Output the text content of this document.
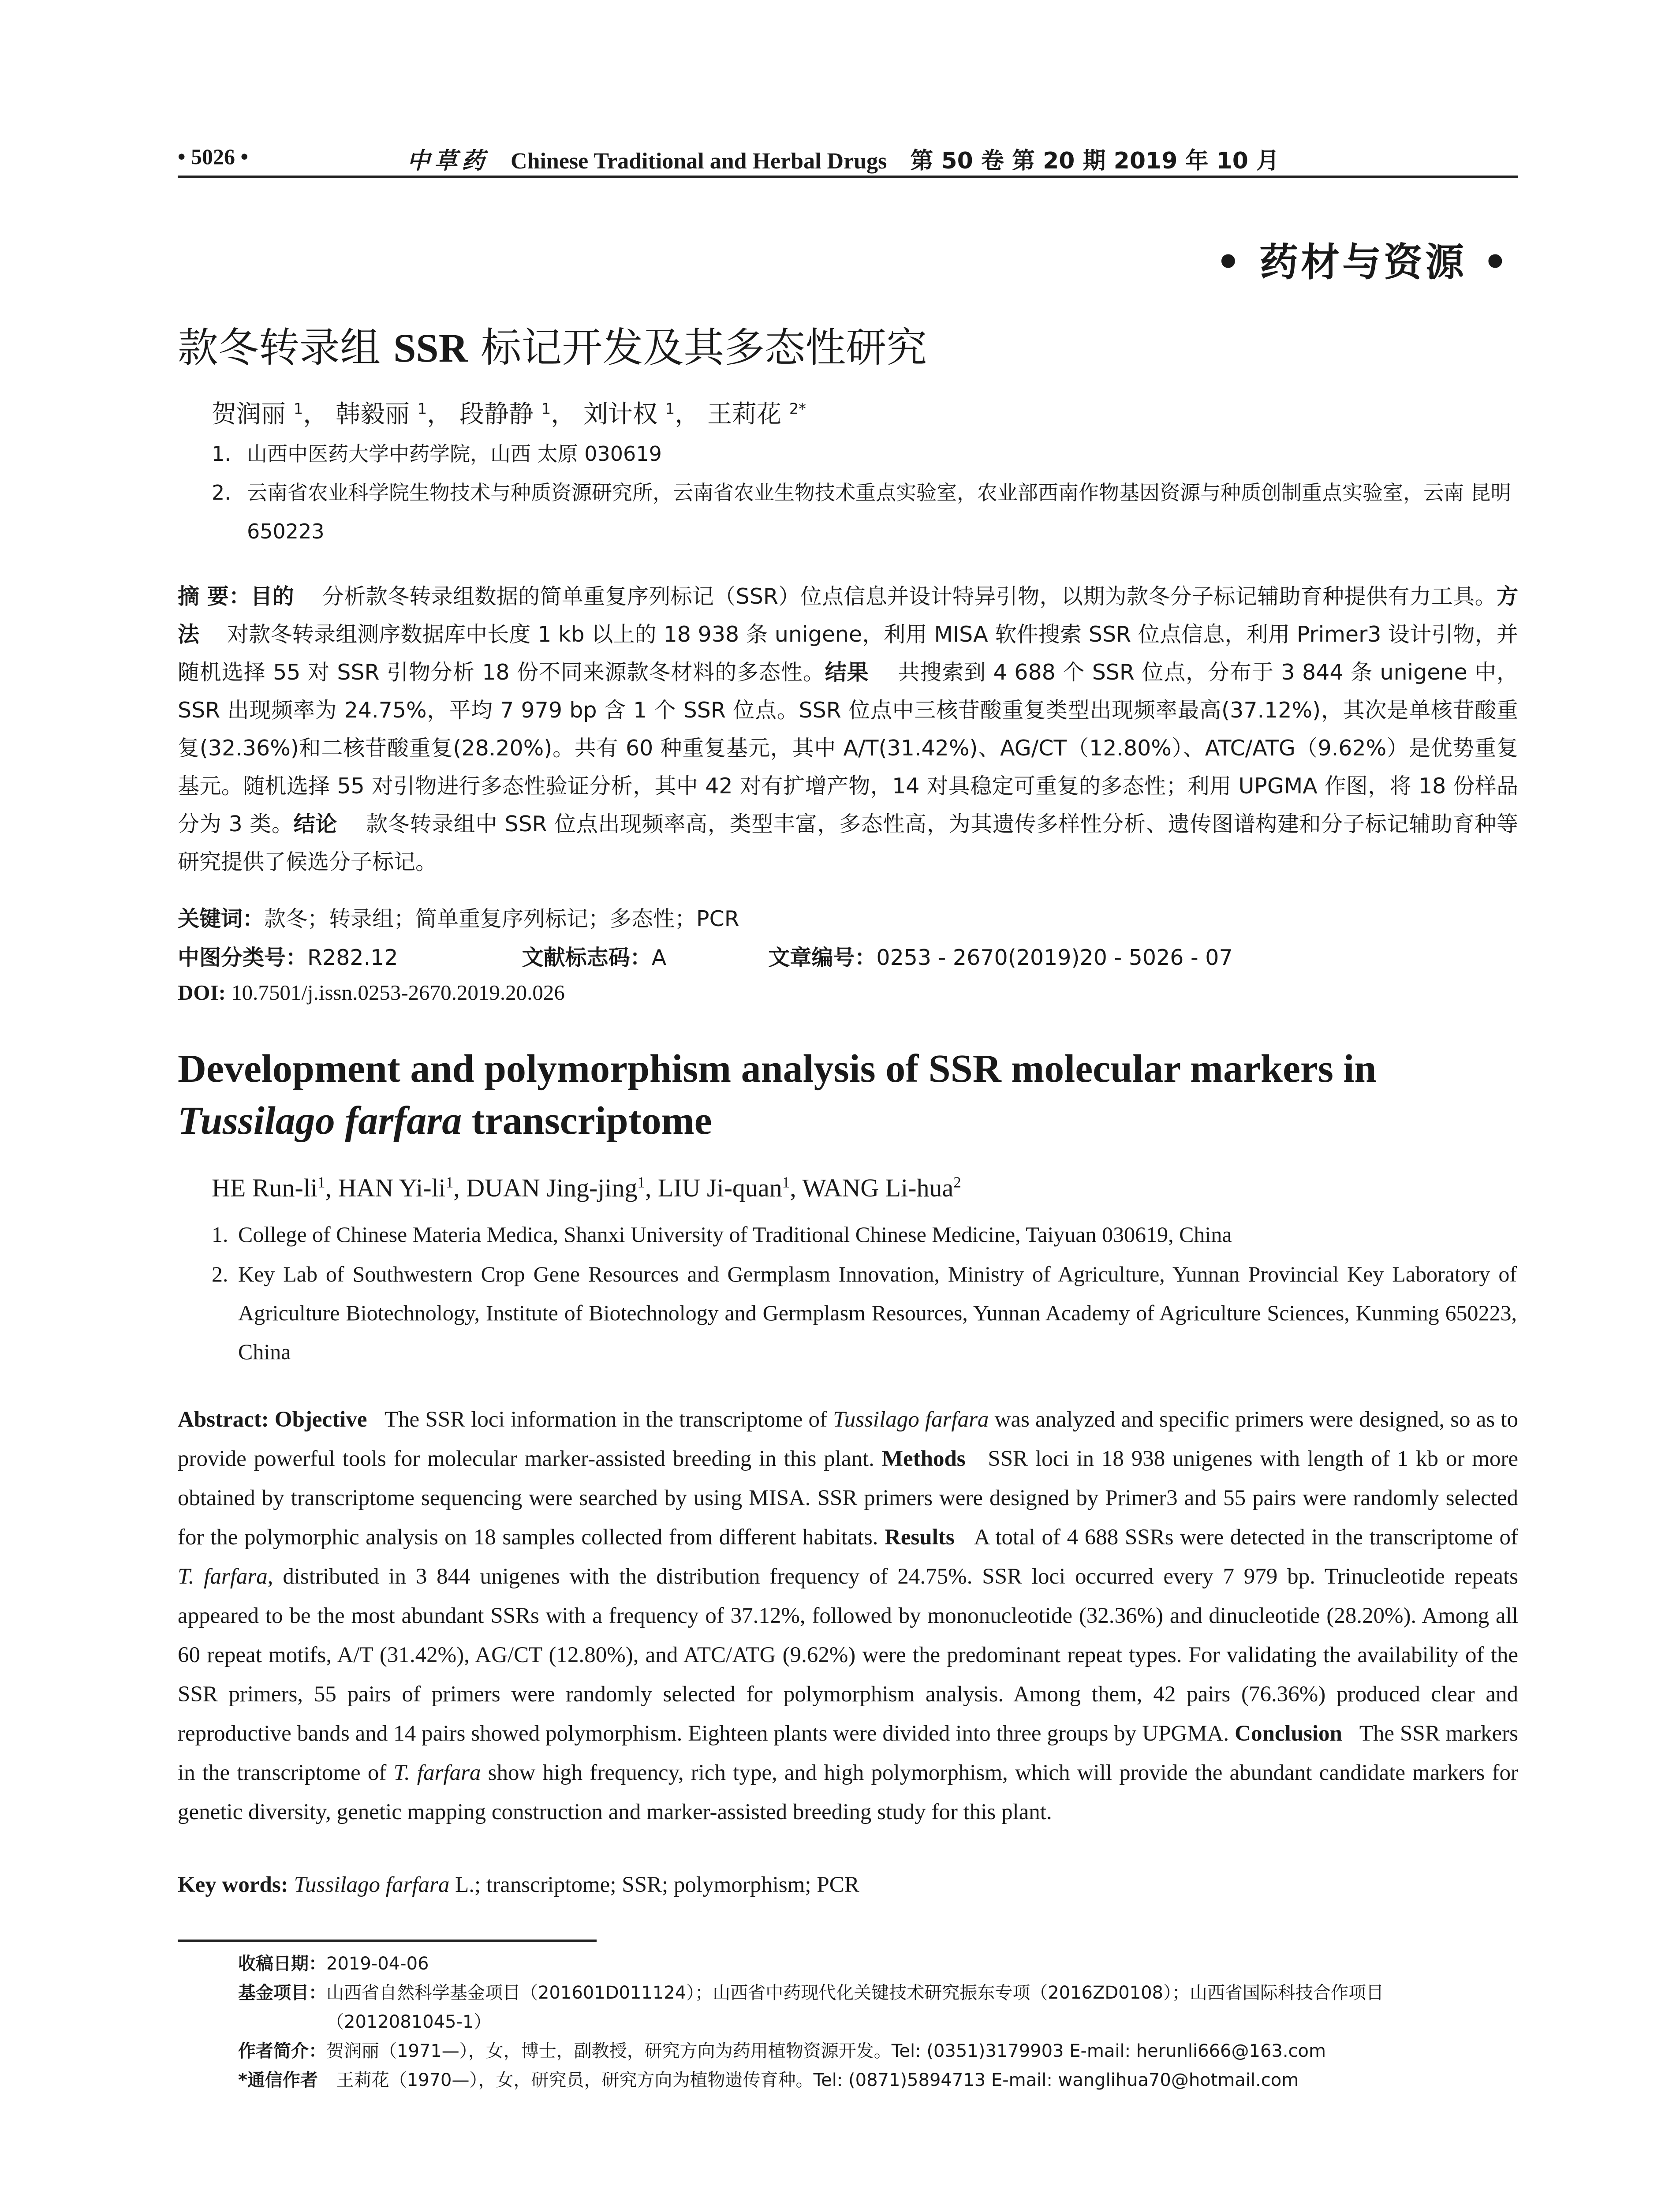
• 5026 •	中草药 Chinese Traditional and Herbal Drugs 第 50 卷 第 20 期 2019 年 10 月
• 药材与资源 •
款冬转录组 SSR 标记开发及其多态性研究
贺润丽 $^1$， 韩毅丽 $^1$， 段静静 $^1$， 刘计权 $^1$， 王莉花 $^{2*}$
1. 山西中医药大学中药学院，山西 太原 030619
2. 云南省农业科学院生物技术与种质资源研究所，云南省农业生物技术重点实验室，农业部西南作物基因资源与种质创制重点实验室，云南 昆明 650223
摘 要：目的 分析款冬转录组数据的简单重复序列标记（SSR）位点信息并设计特异引物，以期为款冬分子标记辅助育种提供有力工具。方法 对款冬转录组测序数据库中长度 1 kb 以上的 18 938 条 unigene，利用 MISA 软件搜索 SSR 位点信息，利用 Primer3 设计引物，并随机选择 55 对 SSR 引物分析 18 份不同来源款冬材料的多态性。结果 共搜索到 4 688 个 SSR 位点，分布于 3 844 条 unigene 中，SSR 出现频率为 24.75%，平均 7 979 bp 含 1 个 SSR 位点。SSR 位点中三核苷酸重复类型出现频率最高(37.12%)，其次是单核苷酸重复(32.36%)和二核苷酸重复(28.20%)。共有 60 种重复基元，其中 A/T(31.42%)、AG/CT（12.80%）、ATC/ATG（9.62%）是优势重复基元。随机选择 55 对引物进行多态性验证分析，其中 42 对有扩增产物，14 对具稳定可重复的多态性；利用 UPGMA 作图，将 18 份样品分为 3 类。结论 款冬转录组中 SSR 位点出现频率高，类型丰富，多态性高，为其遗传多样性分析、遗传图谱构建和分子标记辅助育种等研究提供了候选分子标记。
关键词：款冬；转录组；简单重复序列标记；多态性；PCR
中图分类号：R282.12	文献标志码：A	文章编号：0253 - 2670(2019)20 - 5026 - 07
DOI: 10.7501/j.issn.0253-2670.2019.20.026
Development and polymorphism analysis of SSR molecular markers in Tussilago farfara transcriptome
HE Run-$li^1$, HAN $Yi-li^1$, DUAN Jing-jing$^1$, LIU Ji-quan$^1$, WANG Li-hua$^2$
1. College of Chinese Materia Medica, Shanxi University of Traditional Chinese Medicine, Taiyuan 030619, China
2. Key Lab of Southwestern Crop Gene Resources and Germplasm Innovation, Ministry of Agriculture, Yunnan Provincial Key Laboratory of Agriculture Biotechnology, Institute of Biotechnology and Germplasm Resources, Yunnan Academy of Agriculture Sciences, Kunming 650223, China
Abstract: Objective The SSR loci information in the transcriptome of Tussilago farfara was analyzed and specific primers were designed, so as to provide powerful tools for molecular marker-assisted breeding in this plant. Methods SSR loci in 18 938 unigenes with length of 1 kb or more obtained by transcriptome sequencing were searched by using MISA. SSR primers were designed by Primer3 and 55 pairs were randomly selected for the polymorphic analysis on 18 samples collected from different habitats. Results A total of 4 688 SSRs were detected in the transcriptome of T. farfara, distributed in 3 844 unigenes with the distribution frequency of 24.75%. SSR loci occurred every 7 979 bp. Trinucleotide repeats appeared to be the most abundant SSRs with a frequency of 37.12%, followed by mononucleotide (32.36%) and dinucleotide (28.20%). Among all 60 repeat motifs, A/T (31.42%), AG/CT (12.80%), and ATC/ATG (9.62%) were the predominant repeat types. For validating the availability of the SSR primers, 55 pairs of primers were randomly selected for polymorphism analysis. Among them, 42 pairs (76.36%) produced clear and reproductive bands and 14 pairs showed polymorphism. Eighteen plants were divided into three groups by UPGMA. Conclusion The SSR markers in the transcriptome of T. farfara show high frequency, rich type, and high polymorphism, which will provide the abundant candidate markers for genetic diversity, genetic mapping construction and marker-assisted breeding study for this plant.
Key words: Tussilago farfara L.; transcriptome; SSR; polymorphism; PCR
收稿日期： 2019-04-06
基金项目： 山西省自然科学基金项目（201601D011124）；山西省中药现代化关键技术研究振东专项（2016ZD0108）；山西省国际科技合作项目（2012081045-1）
作者简介： 贺润丽（1971—），女，博士，副教授，研究方向为药用植物资源开发。Tel: (0351)3179903 E-mail: herunli666@163.com
*通信作者 王莉花（1970—），女，研究员，研究方向为植物遗传育种。Tel: (0871)5894713 E-mail: wanglihua70@hotmail.com
